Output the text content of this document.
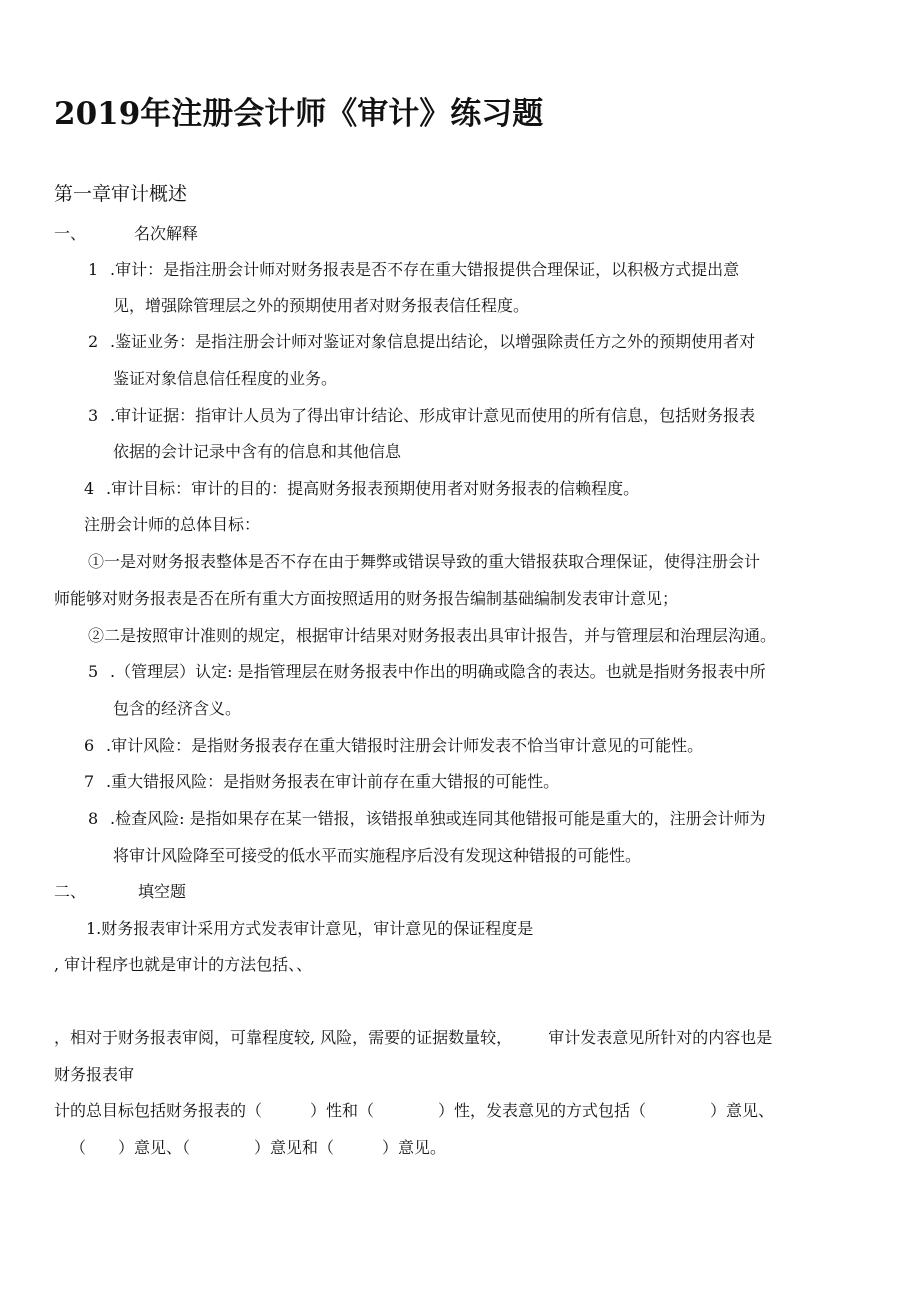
2019年注册会计师《审计》练习题
第一章审计概述
一、	名次解释
1 .审计：是指注册会计师对财务报表是否不存在重大错报提供合理保证，以积极方式提出意
见，增强除管理层之外的预期使用者对财务报表信任程度。
2 .鉴证业务：是指注册会计师对鉴证对象信息提出结论，以增强除责任方之外的预期使用者对
鉴证对象信息信任程度的业务。
3 .审计证据：指审计人员为了得出审计结论、形成审计意见而使用的所有信息，包括财务报表
依据的会计记录中含有的信息和其他信息
4 .审计目标：审计的目的：提高财务报表预期使用者对财务报表的信赖程度。
注册会计师的总体目标：
①一是对财务报表整体是否不存在由于舞弊或错误导致的重大错报获取合理保证，使得注册会计
师能够对财务报表是否在所有重大方面按照适用的财务报告编制基础编制发表审计意见；
②二是按照审计准则的规定，根据审计结果对财务报表出具审计报告，并与管理层和治理层沟通。
5 .（管理层）认定: 是指管理层在财务报表中作出的明确或隐含的表达。也就是指财务报表中所
包含的经济含义。
6 .审计风险：是指财务报表存在重大错报时注册会计师发表不恰当审计意见的可能性。
7 .重大错报风险：是指财务报表在审计前存在重大错报的可能性。
8 .检查风险: 是指如果存在某一错报，该错报单独或连同其他错报可能是重大的，注册会计师为
将审计风险降至可接受的低水平而实施程序后没有发现这种错报的可能性。
二、	填空题
1.财务报表审计采用方式发表审计意见，审计意见的保证程度是
, 审计程序也就是审计的方法包括、、
，相对于财务报表审阅，可靠程度较, 风险，需要的证据数量较， 审计发表意见所针对的内容也是
财务报表审
计的总目标包括财务报表的（　　　）性和（　　　　）性，发表意见的方式包括（　　　　）意见、
（　　）意见、（　　　　）意见和（　　　）意见。
